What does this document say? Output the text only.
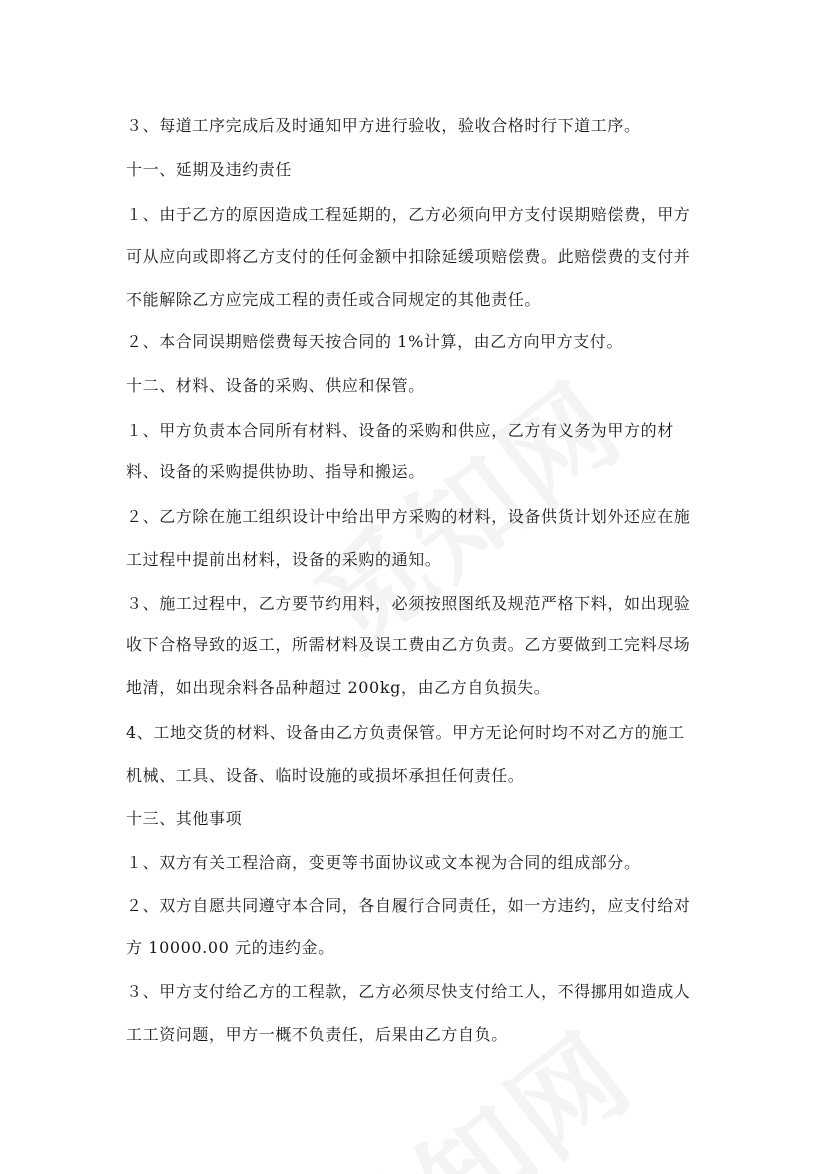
３、每道工序完成后及时通知甲方进行验收，验收合格时行下道工序。
十一、延期及违约责任
１、由于乙方的原因造成工程延期的，乙方必须向甲方支付误期赔偿费，甲方
可从应向或即将乙方支付的任何金额中扣除延缓项赔偿费。此赔偿费的支付并
不能解除乙方应完成工程的责任或合同规定的其他责任。
２、本合同误期赔偿费每天按合同的 1%计算，由乙方向甲方支付。
十二、材料、设备的采购、供应和保管。
１、甲方负责本合同所有材料、设备的采购和供应，乙方有义务为甲方的材
料、设备的采购提供协助、指导和搬运。
２、乙方除在施工组织设计中给出甲方采购的材料，设备供货计划外还应在施
工过程中提前出材料，设备的采购的通知。
３、施工过程中，乙方要节约用料，必须按照图纸及规范严格下料，如出现验
收下合格导致的返工，所需材料及误工费由乙方负责。乙方要做到工完料尽场
地清，如出现余料各品种超过 200kg，由乙方自负损失。
4、工地交货的材料、设备由乙方负责保管。甲方无论何时均不对乙方的施工
机械、工具、设备、临时设施的或损坏承担任何责任。
十三、其他事项
１、双方有关工程洽商，变更等书面协议或文本视为合同的组成部分。
２、双方自愿共同遵守本合同，各自履行合同责任，如一方违约，应支付给对
方 10000.00 元的违约金。
３、甲方支付给乙方的工程款，乙方必须尽快支付给工人，不得挪用如造成人
工工资问题，甲方一概不负责任，后果由乙方自负。
